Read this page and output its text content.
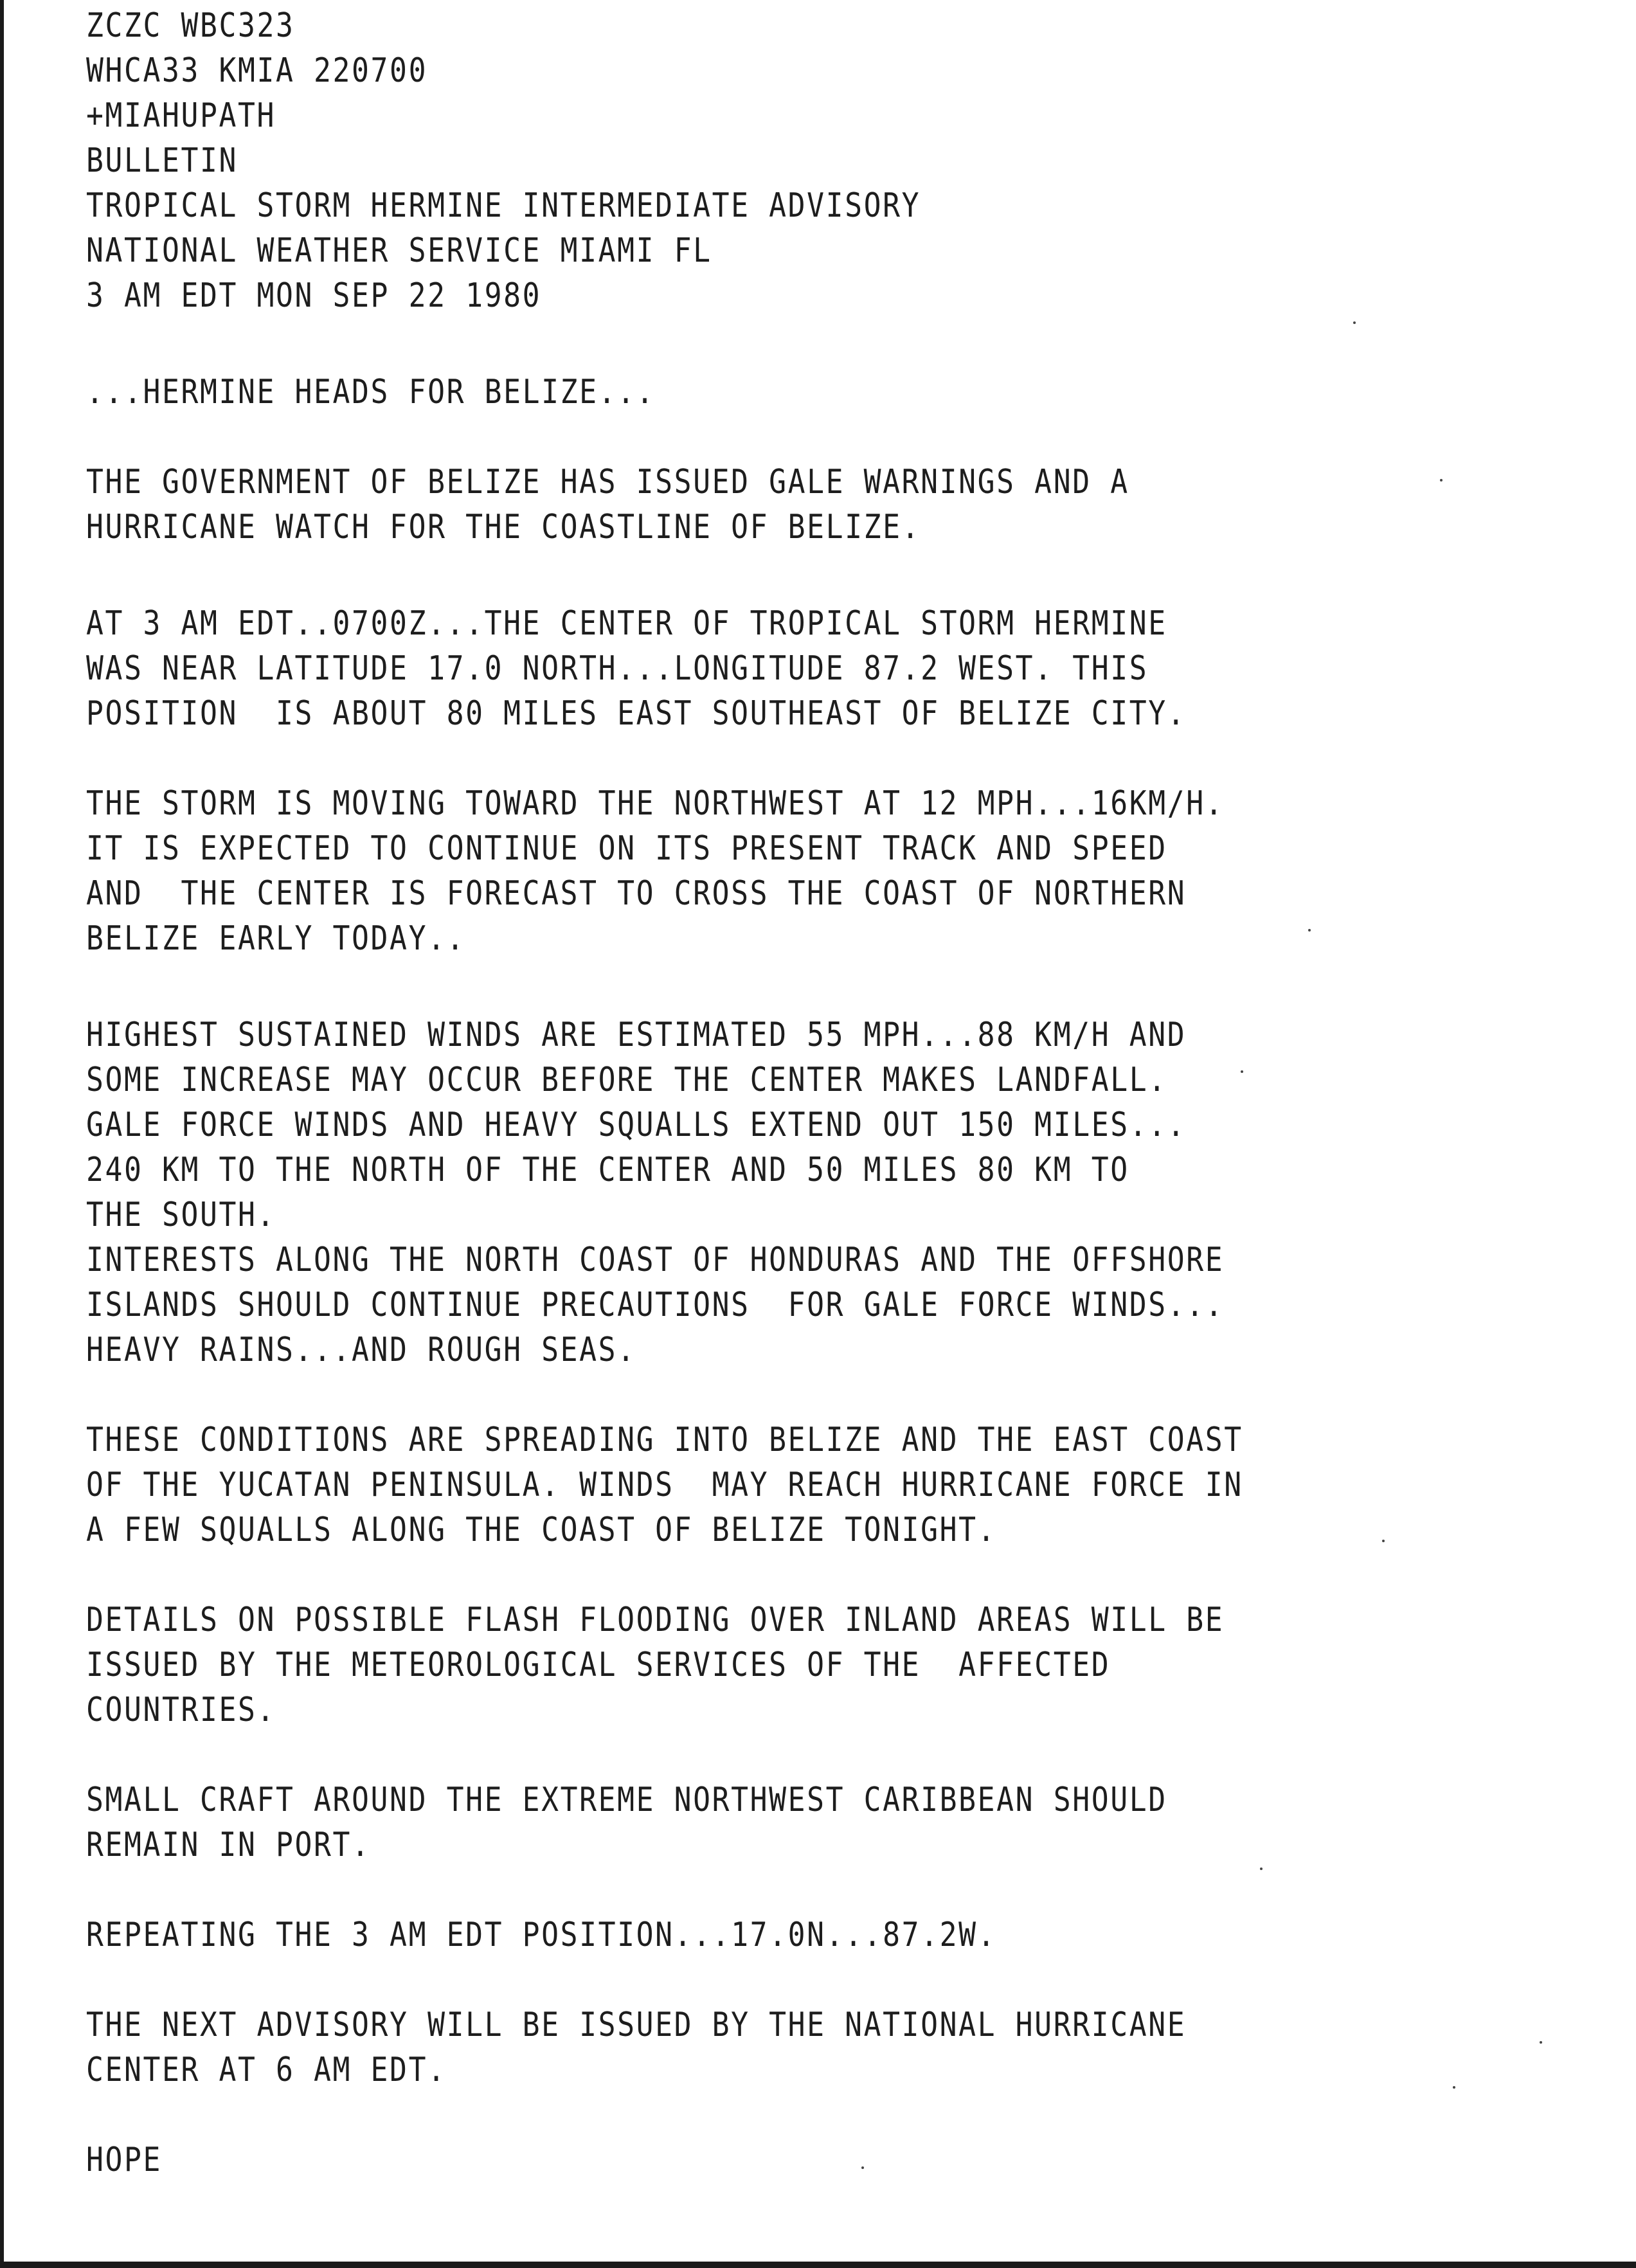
ZCZC WBC323
WHCA33 KMIA 220700
+MIAHUPATH
BULLETIN
TROPICAL STORM HERMINE INTERMEDIATE ADVISORY
NATIONAL WEATHER SERVICE MIAMI FL
3 AM EDT MON SEP 22 1980
...HERMINE HEADS FOR BELIZE...
THE GOVERNMENT OF BELIZE HAS ISSUED GALE WARNINGS AND A
HURRICANE WATCH FOR THE COASTLINE OF BELIZE.
AT 3 AM EDT..0700Z...THE CENTER OF TROPICAL STORM HERMINE
WAS NEAR LATITUDE 17.0 NORTH...LONGITUDE 87.2 WEST. THIS
POSITION  IS ABOUT 80 MILES EAST SOUTHEAST OF BELIZE CITY.
THE STORM IS MOVING TOWARD THE NORTHWEST AT 12 MPH...16KM/H.
IT IS EXPECTED TO CONTINUE ON ITS PRESENT TRACK AND SPEED
AND  THE CENTER IS FORECAST TO CROSS THE COAST OF NORTHERN
BELIZE EARLY TODAY..
HIGHEST SUSTAINED WINDS ARE ESTIMATED 55 MPH...88 KM/H AND
SOME INCREASE MAY OCCUR BEFORE THE CENTER MAKES LANDFALL.
GALE FORCE WINDS AND HEAVY SQUALLS EXTEND OUT 150 MILES...
240 KM TO THE NORTH OF THE CENTER AND 50 MILES 80 KM TO
THE SOUTH.
INTERESTS ALONG THE NORTH COAST OF HONDURAS AND THE OFFSHORE
ISLANDS SHOULD CONTINUE PRECAUTIONS  FOR GALE FORCE WINDS...
HEAVY RAINS...AND ROUGH SEAS.
THESE CONDITIONS ARE SPREADING INTO BELIZE AND THE EAST COAST
OF THE YUCATAN PENINSULA. WINDS  MAY REACH HURRICANE FORCE IN
A FEW SQUALLS ALONG THE COAST OF BELIZE TONIGHT.
DETAILS ON POSSIBLE FLASH FLOODING OVER INLAND AREAS WILL BE
ISSUED BY THE METEOROLOGICAL SERVICES OF THE  AFFECTED
COUNTRIES.
SMALL CRAFT AROUND THE EXTREME NORTHWEST CARIBBEAN SHOULD
REMAIN IN PORT.
REPEATING THE 3 AM EDT POSITION...17.0N...87.2W.
THE NEXT ADVISORY WILL BE ISSUED BY THE NATIONAL HURRICANE
CENTER AT 6 AM EDT.
HOPE
